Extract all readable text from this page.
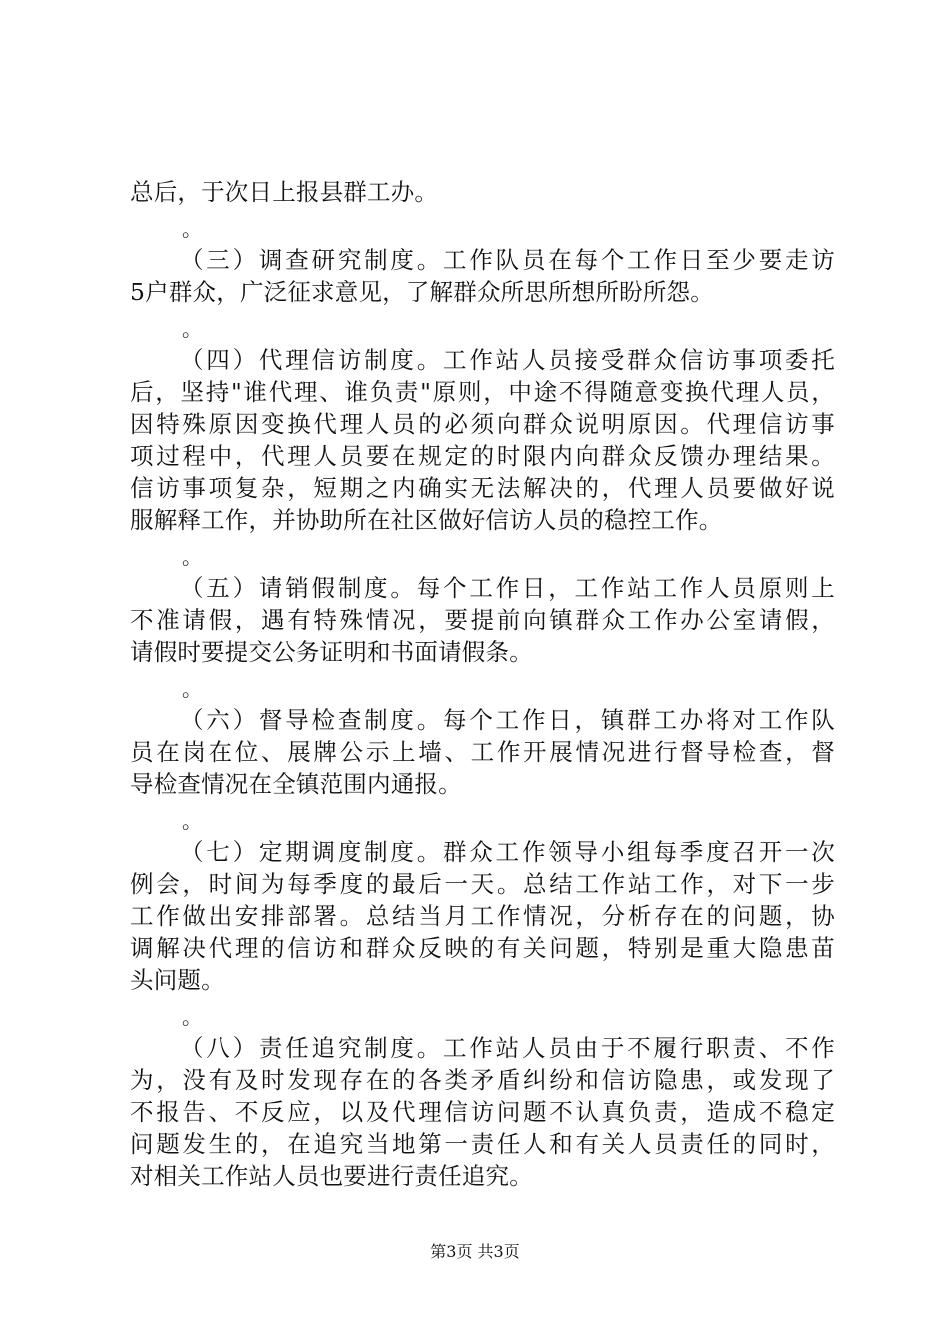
总后，于次日上报县群工办。
。
（三）调查研究制度。工作队员在每个工作日至少要走访
5户群众，广泛征求意见，了解群众所思所想所盼所怨。
。
（四）代理信访制度。工作站人员接受群众信访事项委托
后，坚持"谁代理、谁负责"原则，中途不得随意变换代理人员，
因特殊原因变换代理人员的必须向群众说明原因。代理信访事
项过程中，代理人员要在规定的时限内向群众反馈办理结果。
信访事项复杂，短期之内确实无法解决的，代理人员要做好说
服解释工作，并协助所在社区做好信访人员的稳控工作。
。
（五）请销假制度。每个工作日，工作站工作人员原则上
不准请假，遇有特殊情况，要提前向镇群众工作办公室请假，
请假时要提交公务证明和书面请假条。
。
（六）督导检查制度。每个工作日，镇群工办将对工作队
员在岗在位、展牌公示上墙、工作开展情况进行督导检查，督
导检查情况在全镇范围内通报。
。
（七）定期调度制度。群众工作领导小组每季度召开一次
例会，时间为每季度的最后一天。总结工作站工作，对下一步
工作做出安排部署。总结当月工作情况，分析存在的问题，协
调解决代理的信访和群众反映的有关问题，特别是重大隐患苗
头问题。
。
（八）责任追究制度。工作站人员由于不履行职责、不作
为，没有及时发现存在的各类矛盾纠纷和信访隐患，或发现了
不报告、不反应，以及代理信访问题不认真负责，造成不稳定
问题发生的，在追究当地第一责任人和有关人员责任的同时，
对相关工作站人员也要进行责任追究。
第3页 共3页
